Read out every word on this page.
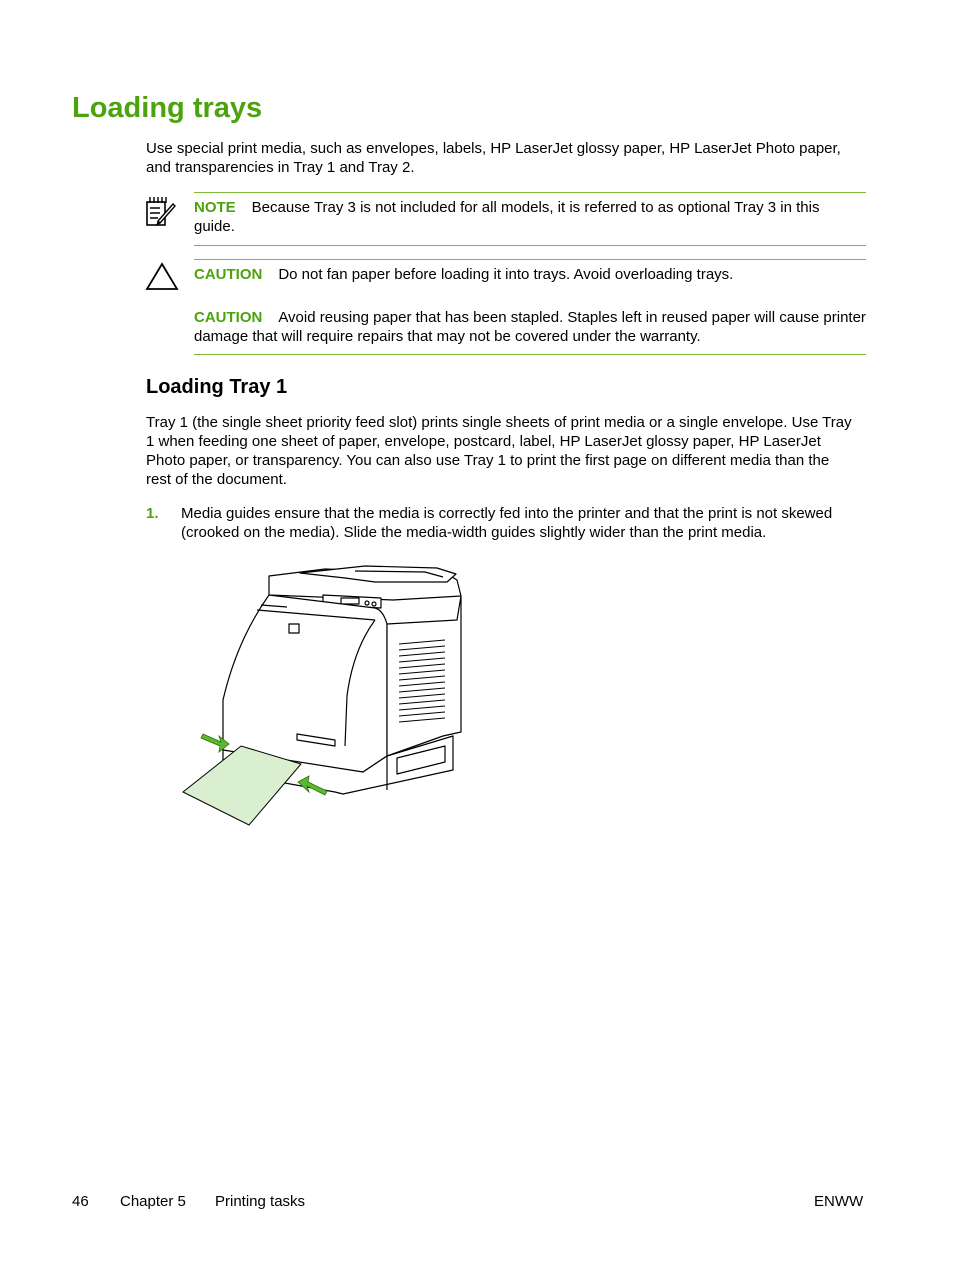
Loading trays
Use special print media, such as envelopes, labels, HP LaserJet glossy paper, HP LaserJet Photo paper, and transparencies in Tray 1 and Tray 2.
NOTE Because Tray 3 is not included for all models, it is referred to as optional Tray 3 in this guide.
CAUTION Do not fan paper before loading it into trays. Avoid overloading trays.
CAUTION Avoid reusing paper that has been stapled. Staples left in reused paper will cause printer damage that will require repairs that may not be covered under the warranty.
Loading Tray 1
Tray 1 (the single sheet priority feed slot) prints single sheets of print media or a single envelope. Use Tray 1 when feeding one sheet of paper, envelope, postcard, label, HP LaserJet glossy paper, HP LaserJet Photo paper, or transparency. You can also use Tray 1 to print the first page on different media than the rest of the document.
1. Media guides ensure that the media is correctly fed into the printer and that the print is not skewed (crooked on the media). Slide the media-width guides slightly wider than the print media.
46 Chapter 5 Printing tasks	ENWW
